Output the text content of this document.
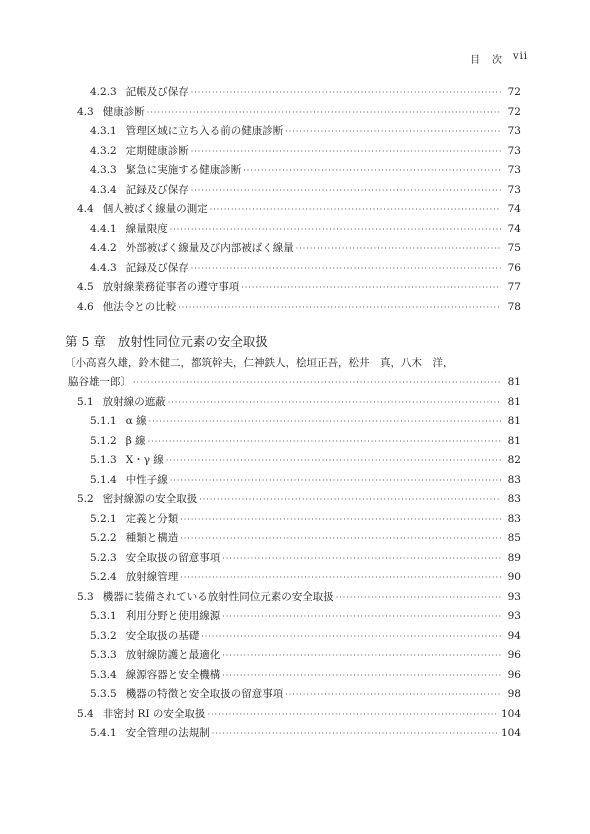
目　次 vii
4.2.3 記帳及び保存 ·····	72
4.3 健康診断 ·····	72
4.3.1 管理区域に立ち入る前の健康診断 ·····	73
4.3.2 定期健康診断 ·····	73
4.3.3 緊急に実施する健康診断 ·····	73
4.3.4 記録及び保存 ·····	73
4.4 個人被ばく線量の測定 ·····	74
4.4.1 線量限度 ·····	74
4.4.2 外部被ばく線量及び内部被ばく線量 ·····	75
4.4.3 記録及び保存 ·····	76
4.5 放射線業務従事者の遵守事項 ·····	77
4.6 他法令との比較 ·····	78
第 5 章 放射性同位元素の安全取扱
〔小高喜久雄，鈴木健二，都筑幹夫，仁神鉄人，桧垣正吾，松井　真，八木　洋，
脇谷雄一郎〕 ·····	81
5.1 放射線の遮蔽 ·····	81
5.1.1 α 線 ·····	81
5.1.2 β 線 ·····	81
5.1.3 X・γ 線 ·····	82
5.1.4 中性子線 ·····	83
5.2 密封線源の安全取扱 ·····	83
5.2.1 定義と分類 ·····	83
5.2.2 種類と構造 ·····	85
5.2.3 安全取扱の留意事項 ·····	89
5.2.4 放射線管理 ·····	90
5.3 機器に装備されている放射性同位元素の安全取扱 ·····	93
5.3.1 利用分野と使用線源 ·····	93
5.3.2 安全取扱の基礎 ·····	94
5.3.3 放射線防護と最適化 ·····	96
5.3.4 線源容器と安全機構 ·····	96
5.3.5 機器の特徴と安全取扱の留意事項 ·····	98
5.4 非密封 RI の安全取扱 ·····	104
5.4.1 安全管理の法規制 ·····	104
